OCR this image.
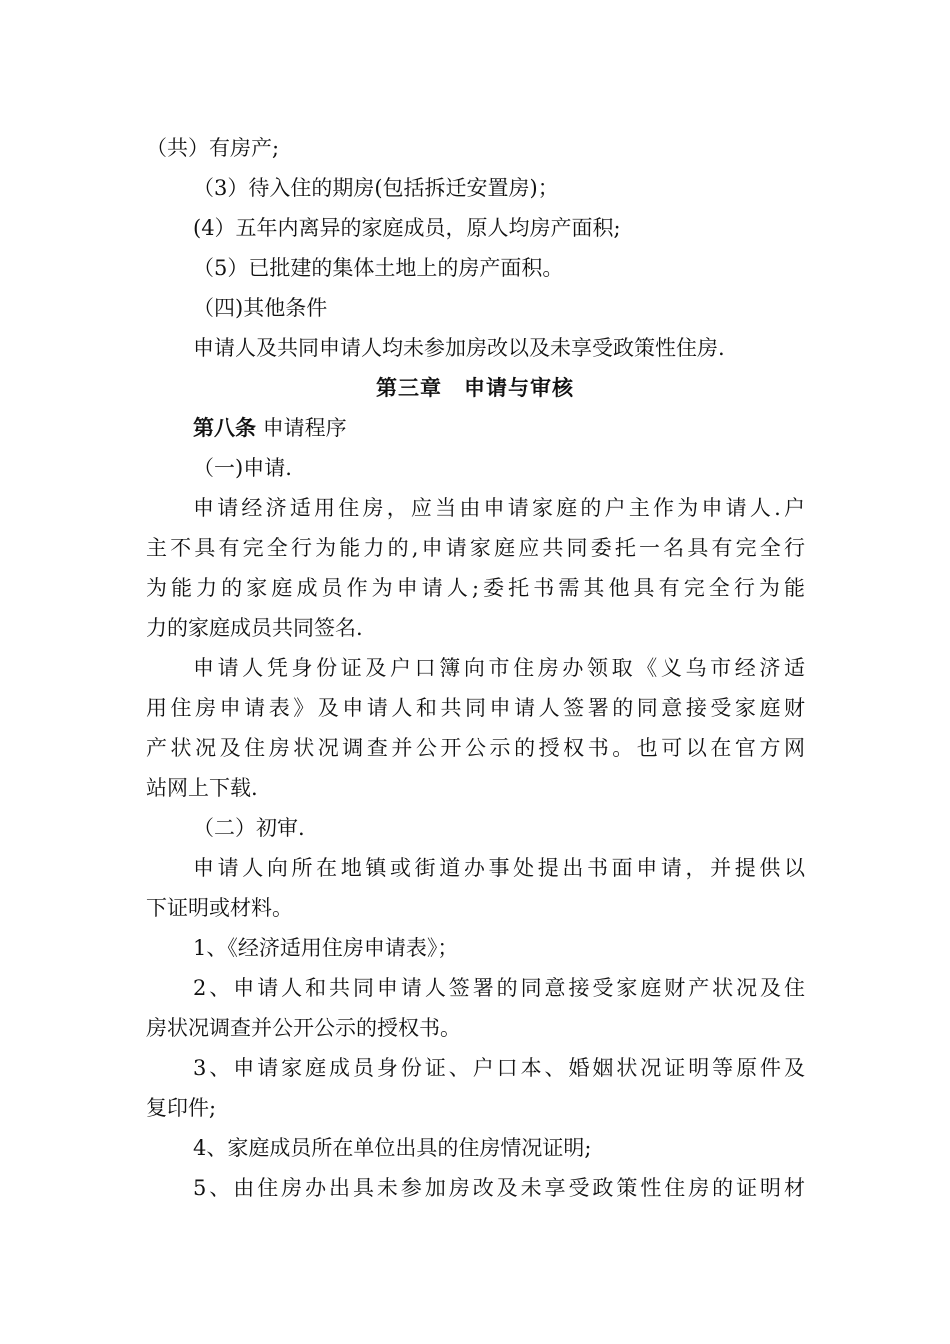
（共）有房产;
（3）待入住的期房(包括拆迁安置房)；
(4）五年内离异的家庭成员，原人均房产面积;
（5）已批建的集体土地上的房产面积。
（四)其他条件
申请人及共同申请人均未参加房改以及未享受政策性住房.
第三章　申请与审核
第八条 申请程序
（一)申请.
申请经济适用住房，应当由申请家庭的户主作为申请人.户
主不具有完全行为能力的,申请家庭应共同委托一名具有完全行
为能力的家庭成员作为申请人;委托书需其他具有完全行为能
力的家庭成员共同签名.
申请人凭身份证及户口簿向市住房办领取《义乌市经济适
用住房申请表》及申请人和共同申请人签署的同意接受家庭财
产状况及住房状况调查并公开公示的授权书。也可以在官方网
站网上下载.
（二）初审.
申请人向所在地镇或街道办事处提出书面申请，并提供以
下证明或材料。
1、《经济适用住房申请表》；
2、申请人和共同申请人签署的同意接受家庭财产状况及住
房状况调查并公开公示的授权书。
3、申请家庭成员身份证、户口本、婚姻状况证明等原件及
复印件;
4、家庭成员所在单位出具的住房情况证明;
5、由住房办出具未参加房改及未享受政策性住房的证明材
